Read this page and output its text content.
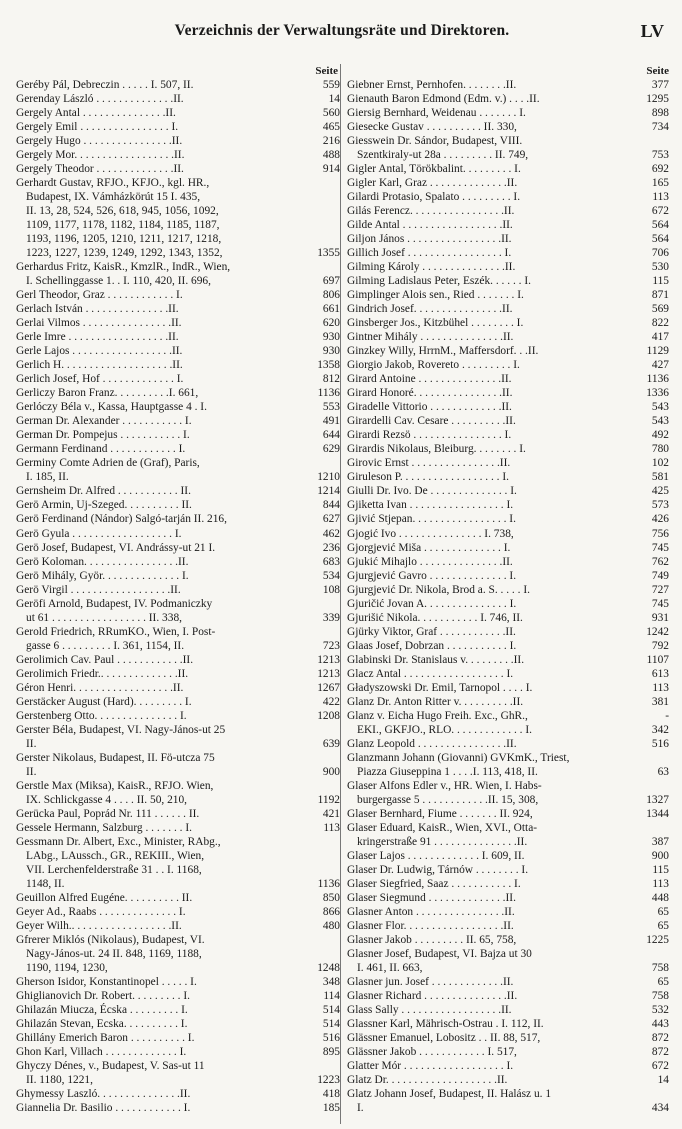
Verzeichnis der Verwaltungsräte und Direktoren.	LV
Seite
Geréby Pál, Debreczin . . . . . I. 507, II.	559
Gerenday László . . . . . . . . . . . . . .II.	14
Gergely Antal . . . . . . . . . . . . . . .II.	560
Gergely Emil . . . . . . . . . . . . . . . . I.	465
Gergely Hugo . . . . . . . . . . . . . . . .II.	216
Gergely Mor. . . . . . . . . . . . . . . . . .II.	488
Gergely Theodor . . . . . . . . . . . . . .II.	914
Gerhardt Gustav, RFJO., KFJO., kgl. HR.,
Budapest, IX. Vámházkörút 15 I. 435,
II. 13, 28, 524, 526, 618, 945, 1056, 1092,
1109, 1177, 1178, 1182, 1184, 1185, 1187,
1193, 1196, 1205, 1210, 1211, 1217, 1218,
1223, 1227, 1239, 1249, 1292, 1343, 1352,	1355
Gerhardus Fritz, KaisR., KmzlR., IndR., Wien,
I. Schellinggasse 1. . I. 110, 420, II. 696,	697
Gerl Theodor, Graz . . . . . . . . . . . . I.	806
Gerlach István . . . . . . . . . . . . . . .II.	661
Gerlai Vilmos . . . . . . . . . . . . . . . .II.	620
Gerle Imre . . . . . . . . . . . . . . . . . .II.	930
Gerle Lajos . . . . . . . . . . . . . . . . . .II.	930
Gerlich H. . . . . . . . . . . . . . . . . . . .II.	1358
Gerlich Josef, Hof . . . . . . . . . . . . . I.	812
Gerliczy Baron Franz. . . . . . . . . .I. 661,	1136
Gerlóczy Béla v., Kassa, Hauptgasse 4 . I.	553
German Dr. Alexander . . . . . . . . . . . I.	491
German Dr. Pompejus . . . . . . . . . . . I.	644
Germann Ferdinand . . . . . . . . . . . . I.	629
Germiny Comte Adrien de (Graf), Paris,
I. 185, II.	1210
Gernsheim Dr. Alfred . . . . . . . . . . . II.	1214
Gerö Armin, Uj-Szeged. . . . . . . . . . II.	844
Gerö Ferdinand (Nándor) Salgó-tarján II. 216,	627
Gerö Gyula . . . . . . . . . . . . . . . . . . I.	462
Gerö Josef, Budapest, VI. Andrássy-ut 21 I.	236
Gerö Koloman. . . . . . . . . . . . . . . . .II.	683
Gerö Mihály, Györ. . . . . . . . . . . . . . I.	534
Gerö Virgil . . . . . . . . . . . . . . . . . .II.	108
Geröfi Arnold, Budapest, IV. Podmaniczky
ut 61 . . . . . . . . . . . . . . . . . II. 338,	339
Gerold Friedrich, RRumKO., Wien, I. Post-
gasse 6 . . . . . . . . . I. 361, 1154, II.	723
Gerolimich Cav. Paul . . . . . . . . . . . .II.	1213
Gerolimich Friedr.. . . . . . . . . . . . . .II.	1213
Géron Henri. . . . . . . . . . . . . . . . . .II.	1267
Gerstäcker August (Hard). . . . . . . . . I.	422
Gerstenberg Otto. . . . . . . . . . . . . . . I.	1208
Gerster Béla, Budapest, VI. Nagy-János-ut 25
II.	639
Gerster Nikolaus, Budapest, II. Fö-utcza 75
II.	900
Gerstle Max (Miksa), KaisR., RFJO. Wien,
IX. Schlickgasse 4 . . . . II. 50, 210,	1192
Gerücka Paul, Poprád Nr. 111 . . . . . . II.	421
Gessele Hermann, Salzburg . . . . . . . I.	113
Gessmann Dr. Albert, Exc., Minister, RAbg.,
LAbg., LAussch., GR., REKIII., Wien,
VII. Lerchenfelderstraße 31 . . I. 1168,
1148, II.	1136
Geuillon Alfred Eugéne. . . . . . . . . . II.	850
Geyer Ad., Raabs . . . . . . . . . . . . . . I.	866
Geyer Wilh.. . . . . . . . . . . . . . . . . .II.	480
Gfrerer Miklós (Nikolaus), Budapest, VI.
Nagy-János-ut. 24 II. 848, 1169, 1188,
1190, 1194, 1230,	1248
Gherson Isidor, Konstantinopel . . . . . I.	348
Ghiglianovich Dr. Robert. . . . . . . . . I.	114
Ghilazán Miucza, Écska . . . . . . . . . I.	514
Ghilazán Stevan, Ecska. . . . . . . . . . I.	514
Ghillány Emerich Baron . . . . . . . . . . I.	516
Ghon Karl, Villach . . . . . . . . . . . . . I.	895
Ghyczy Dénes, v., Budapest, V. Sas-ut 11
II. 1180, 1221,	1223
Ghymessy Laszló. . . . . . . . . . . . . . .II.	418
Giannelia Dr. Basilio . . . . . . . . . . . . I.	185
Seite
Giebner Ernst, Pernhofen. . . . . . . .II.	377
Gienauth Baron Edmond (Edm. v.) . . . .II.	1295
Giersig Bernhard, Weidenau . . . . . . . I.	898
Giesecke Gustav . . . . . . . . . . II. 330,	734
Giesswein Dr. Sándor, Budapest, VIII.
Szentkiraly-ut 28a . . . . . . . . . II. 749,	753
Gigler Antal, Törökbalint. . . . . . . . . I.	692
Gigler Karl, Graz . . . . . . . . . . . . . .II.	165
Gilardi Protasio, Spalato . . . . . . . . . I.	113
Gilás Ferencz. . . . . . . . . . . . . . . . .II.	672
Gilde Antal . . . . . . . . . . . . . . . . . .II.	564
Giljon János . . . . . . . . . . . . . . . . .II.	564
Gillich Josef . . . . . . . . . . . . . . . . . I.	706
Gilming Károly . . . . . . . . . . . . . . .II.	530
Gilming Ladislaus Peter, Eszék. . . . . . I.	115
Gimplinger Alois sen., Ried . . . . . . . I.	871
Gindrich Josef. . . . . . . . . . . . . . . .II.	569
Ginsberger Jos., Kitzbühel . . . . . . . . I.	822
Gintner Mihály . . . . . . . . . . . . . . .II.	417
Ginzkey Willy, HrrnM., Maffersdorf. . .II.	1129
Giorgio Jakob, Rovereto . . . . . . . . . I.	427
Girard Antoine . . . . . . . . . . . . . . .II.	1136
Girard Honoré. . . . . . . . . . . . . . . .II.	1336
Giradelle Vittorio . . . . . . . . . . . . .II.	543
Girardelli Cav. Cesare . . . . . . . . . .II.	543
Girardi Rezsö . . . . . . . . . . . . . . . . I.	492
Girardis Nikolaus, Bleiburg. . . . . . . . I.	780
Girovic Ernst . . . . . . . . . . . . . . . .II.	102
Giruleson P. . . . . . . . . . . . . . . . . . I.	581
Giulli Dr. Ivo. De . . . . . . . . . . . . . . I.	425
Gjiketta Ivan . . . . . . . . . . . . . . . . . I.	573
Gjivić Stjepan. . . . . . . . . . . . . . . . . I.	426
Gjogić Ivo . . . . . . . . . . . . . . . I. 738,	756
Gjorgjević Miša . . . . . . . . . . . . . . I.	745
Gjukić Mihajlo . . . . . . . . . . . . . . .II.	762
Gjurgjević Gavro . . . . . . . . . . . . . . I.	749
Gjurgjević Dr. Nikola, Brod a. S. . . . . I.	727
Gjuričić Jovan A. . . . . . . . . . . . . . . I.	745
Gjurišić Nikola. . . . . . . . . . . I. 746, II.	931
Gjürky Viktor, Graf . . . . . . . . . . . .II.	1242
Glaas Josef, Dobrzan . . . . . . . . . . . I.	792
Glabinski Dr. Stanislaus v. . . . . . . . .II.	1107
Glacz Antal . . . . . . . . . . . . . . . . . . I.	613
Gładyszowski Dr. Emil, Tarnopol . . . . I.	113
Glanz Dr. Anton Ritter v. . . . . . . . . .II.	381
Glanz v. Eicha Hugo Freih. Exc., GhR.,	-
EKI., GKFJO., RLO. . . . . . . . . . . . . I.	342
Glanz Leopold . . . . . . . . . . . . . . . .II.	516
Glanzmann Johann (Giovanni) GVKmK., Triest,
Piazza Giuseppina 1 . . . .I. 113, 418, II.	63
Glaser Alfons Edler v., HR. Wien, I. Habs-
burgergasse 5 . . . . . . . . . . . .II. 15, 308,	1327
Glaser Bernhard, Fiume . . . . . . . II. 924,	1344
Glaser Eduard, KaisR., Wien, XVI., Otta-
kringerstraße 91 . . . . . . . . . . . . . . .II.	387
Glaser Lajos . . . . . . . . . . . . . I. 609, II.	900
Glaser Dr. Ludwig, Tárnów . . . . . . . . I.	115
Glaser Siegfried, Saaz . . . . . . . . . . . I.	113
Glaser Siegmund . . . . . . . . . . . . . .II.	448
Glasner Anton . . . . . . . . . . . . . . . .II.	65
Glasner Flor. . . . . . . . . . . . . . . . . .II.	65
Glasner Jakob . . . . . . . . . II. 65, 758,	1225
Glasner Josef, Budapest, VI. Bajza ut 30
I. 461, II. 663,	758
Glasner jun. Josef . . . . . . . . . . . . .II.	65
Glasner Richard . . . . . . . . . . . . . . .II.	758
Glass Sally . . . . . . . . . . . . . . . . . .II.	532
Glassner Karl, Mährisch-Ostrau . I. 112, II.	443
Glässner Emanuel, Lobositz . . II. 88, 517,	872
Glässner Jakob . . . . . . . . . . . . I. 517,	872
Glatter Mór . . . . . . . . . . . . . . . . . . I.	672
Glatz Dr. . . . . . . . . . . . . . . . . . . .II.	14
Glatz Johann Josef, Budapest, II. Halász u. 1
I.	434
